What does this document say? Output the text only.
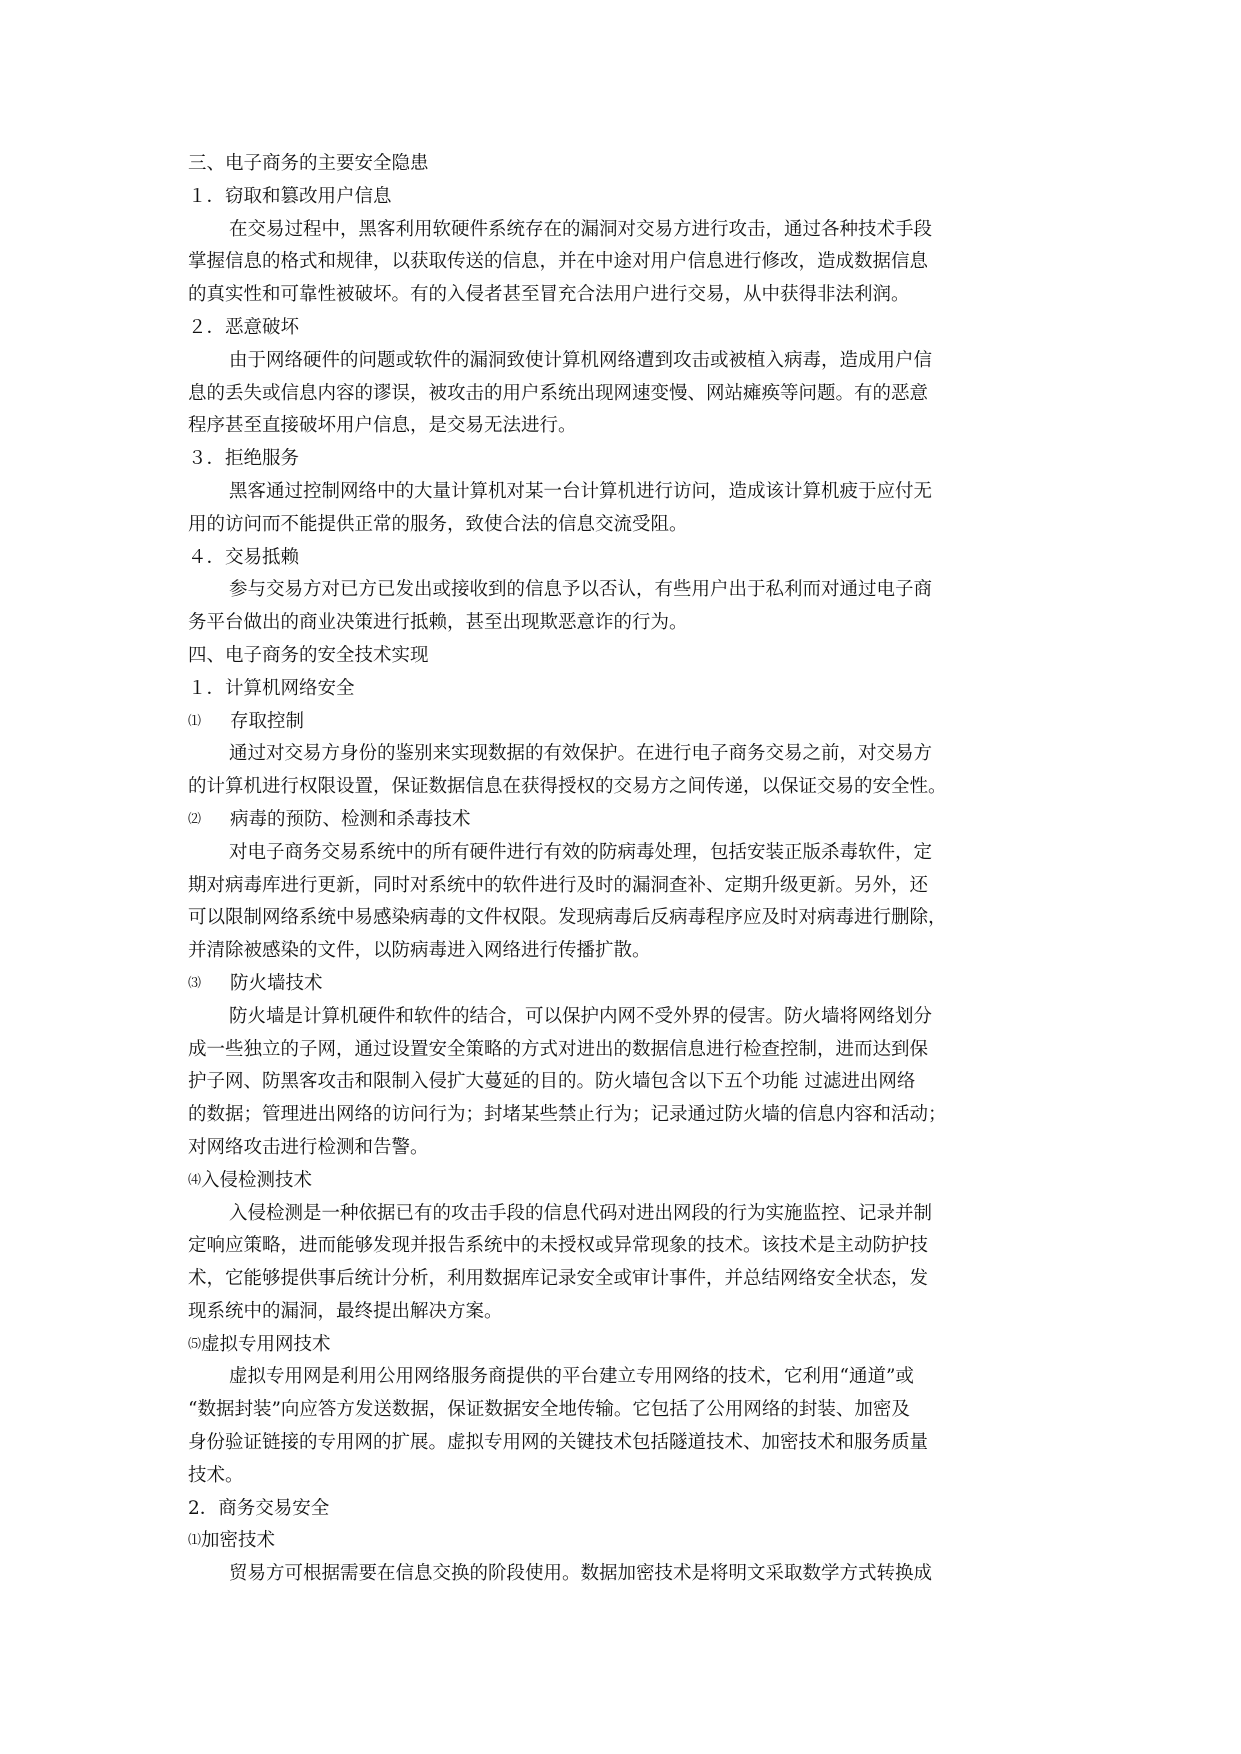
三、电子商务的主要安全隐患
１．窃取和篡改用户信息
在交易过程中，黑客利用软硬件系统存在的漏洞对交易方进行攻击，通过各种技术手段
掌握信息的格式和规律，以获取传送的信息，并在中途对用户信息进行修改，造成数据信息
的真实性和可靠性被破坏。有的入侵者甚至冒充合法用户进行交易，从中获得非法利润。
２．恶意破坏
由于网络硬件的问题或软件的漏洞致使计算机网络遭到攻击或被植入病毒，造成用户信
息的丢失或信息内容的谬误，被攻击的用户系统出现网速变慢、网站瘫痪等问题。有的恶意
程序甚至直接破坏用户信息，是交易无法进行。
３．拒绝服务
黑客通过控制网络中的大量计算机对某一台计算机进行访问，造成该计算机疲于应付无
用的访问而不能提供正常的服务，致使合法的信息交流受阻。
４．交易抵赖
参与交易方对已方已发出或接收到的信息予以否认，有些用户出于私利而对通过电子商
务平台做出的商业决策进行抵赖，甚至出现欺恶意诈的行为。
四、电子商务的安全技术实现
１．计算机网络安全
⑴ 存取控制
通过对交易方身份的鉴别来实现数据的有效保护。在进行电子商务交易之前，对交易方
的计算机进行权限设置，保证数据信息在获得授权的交易方之间传递，以保证交易的安全性。
⑵ 病毒的预防、检测和杀毒技术
对电子商务交易系统中的所有硬件进行有效的防病毒处理，包括安装正版杀毒软件，定
期对病毒库进行更新，同时对系统中的软件进行及时的漏洞查补、定期升级更新。另外，还
可以限制网络系统中易感染病毒的文件权限。发现病毒后反病毒程序应及时对病毒进行删除，
并清除被感染的文件，以防病毒进入网络进行传播扩散。
⑶ 防火墙技术
防火墙是计算机硬件和软件的结合，可以保护内网不受外界的侵害。防火墙将网络划分
成一些独立的子网，通过设置安全策略的方式对进出的数据信息进行检查控制，进而达到保
护子网、防黑客攻击和限制入侵扩大蔓延的目的。防火墙包含以下五个功能 过滤进出网络
的数据；管理进出网络的访问行为；封堵某些禁止行为；记录通过防火墙的信息内容和活动；
对网络攻击进行检测和告警。
⑷入侵检测技术
入侵检测是一种依据已有的攻击手段的信息代码对进出网段的行为实施监控、记录并制
定响应策略，进而能够发现并报告系统中的未授权或异常现象的技术。该技术是主动防护技
术，它能够提供事后统计分析，利用数据库记录安全或审计事件，并总结网络安全状态，发
现系统中的漏洞，最终提出解决方案。
⑸虚拟专用网技术
虚拟专用网是利用公用网络服务商提供的平台建立专用网络的技术，它利用“通道”或
“数据封装”向应答方发送数据，保证数据安全地传输。它包括了公用网络的封装、加密及
身份验证链接的专用网的扩展。虚拟专用网的关键技术包括隧道技术、加密技术和服务质量
技术。
2．商务交易安全
⑴加密技术
贸易方可根据需要在信息交换的阶段使用。数据加密技术是将明文采取数学方式转换成
